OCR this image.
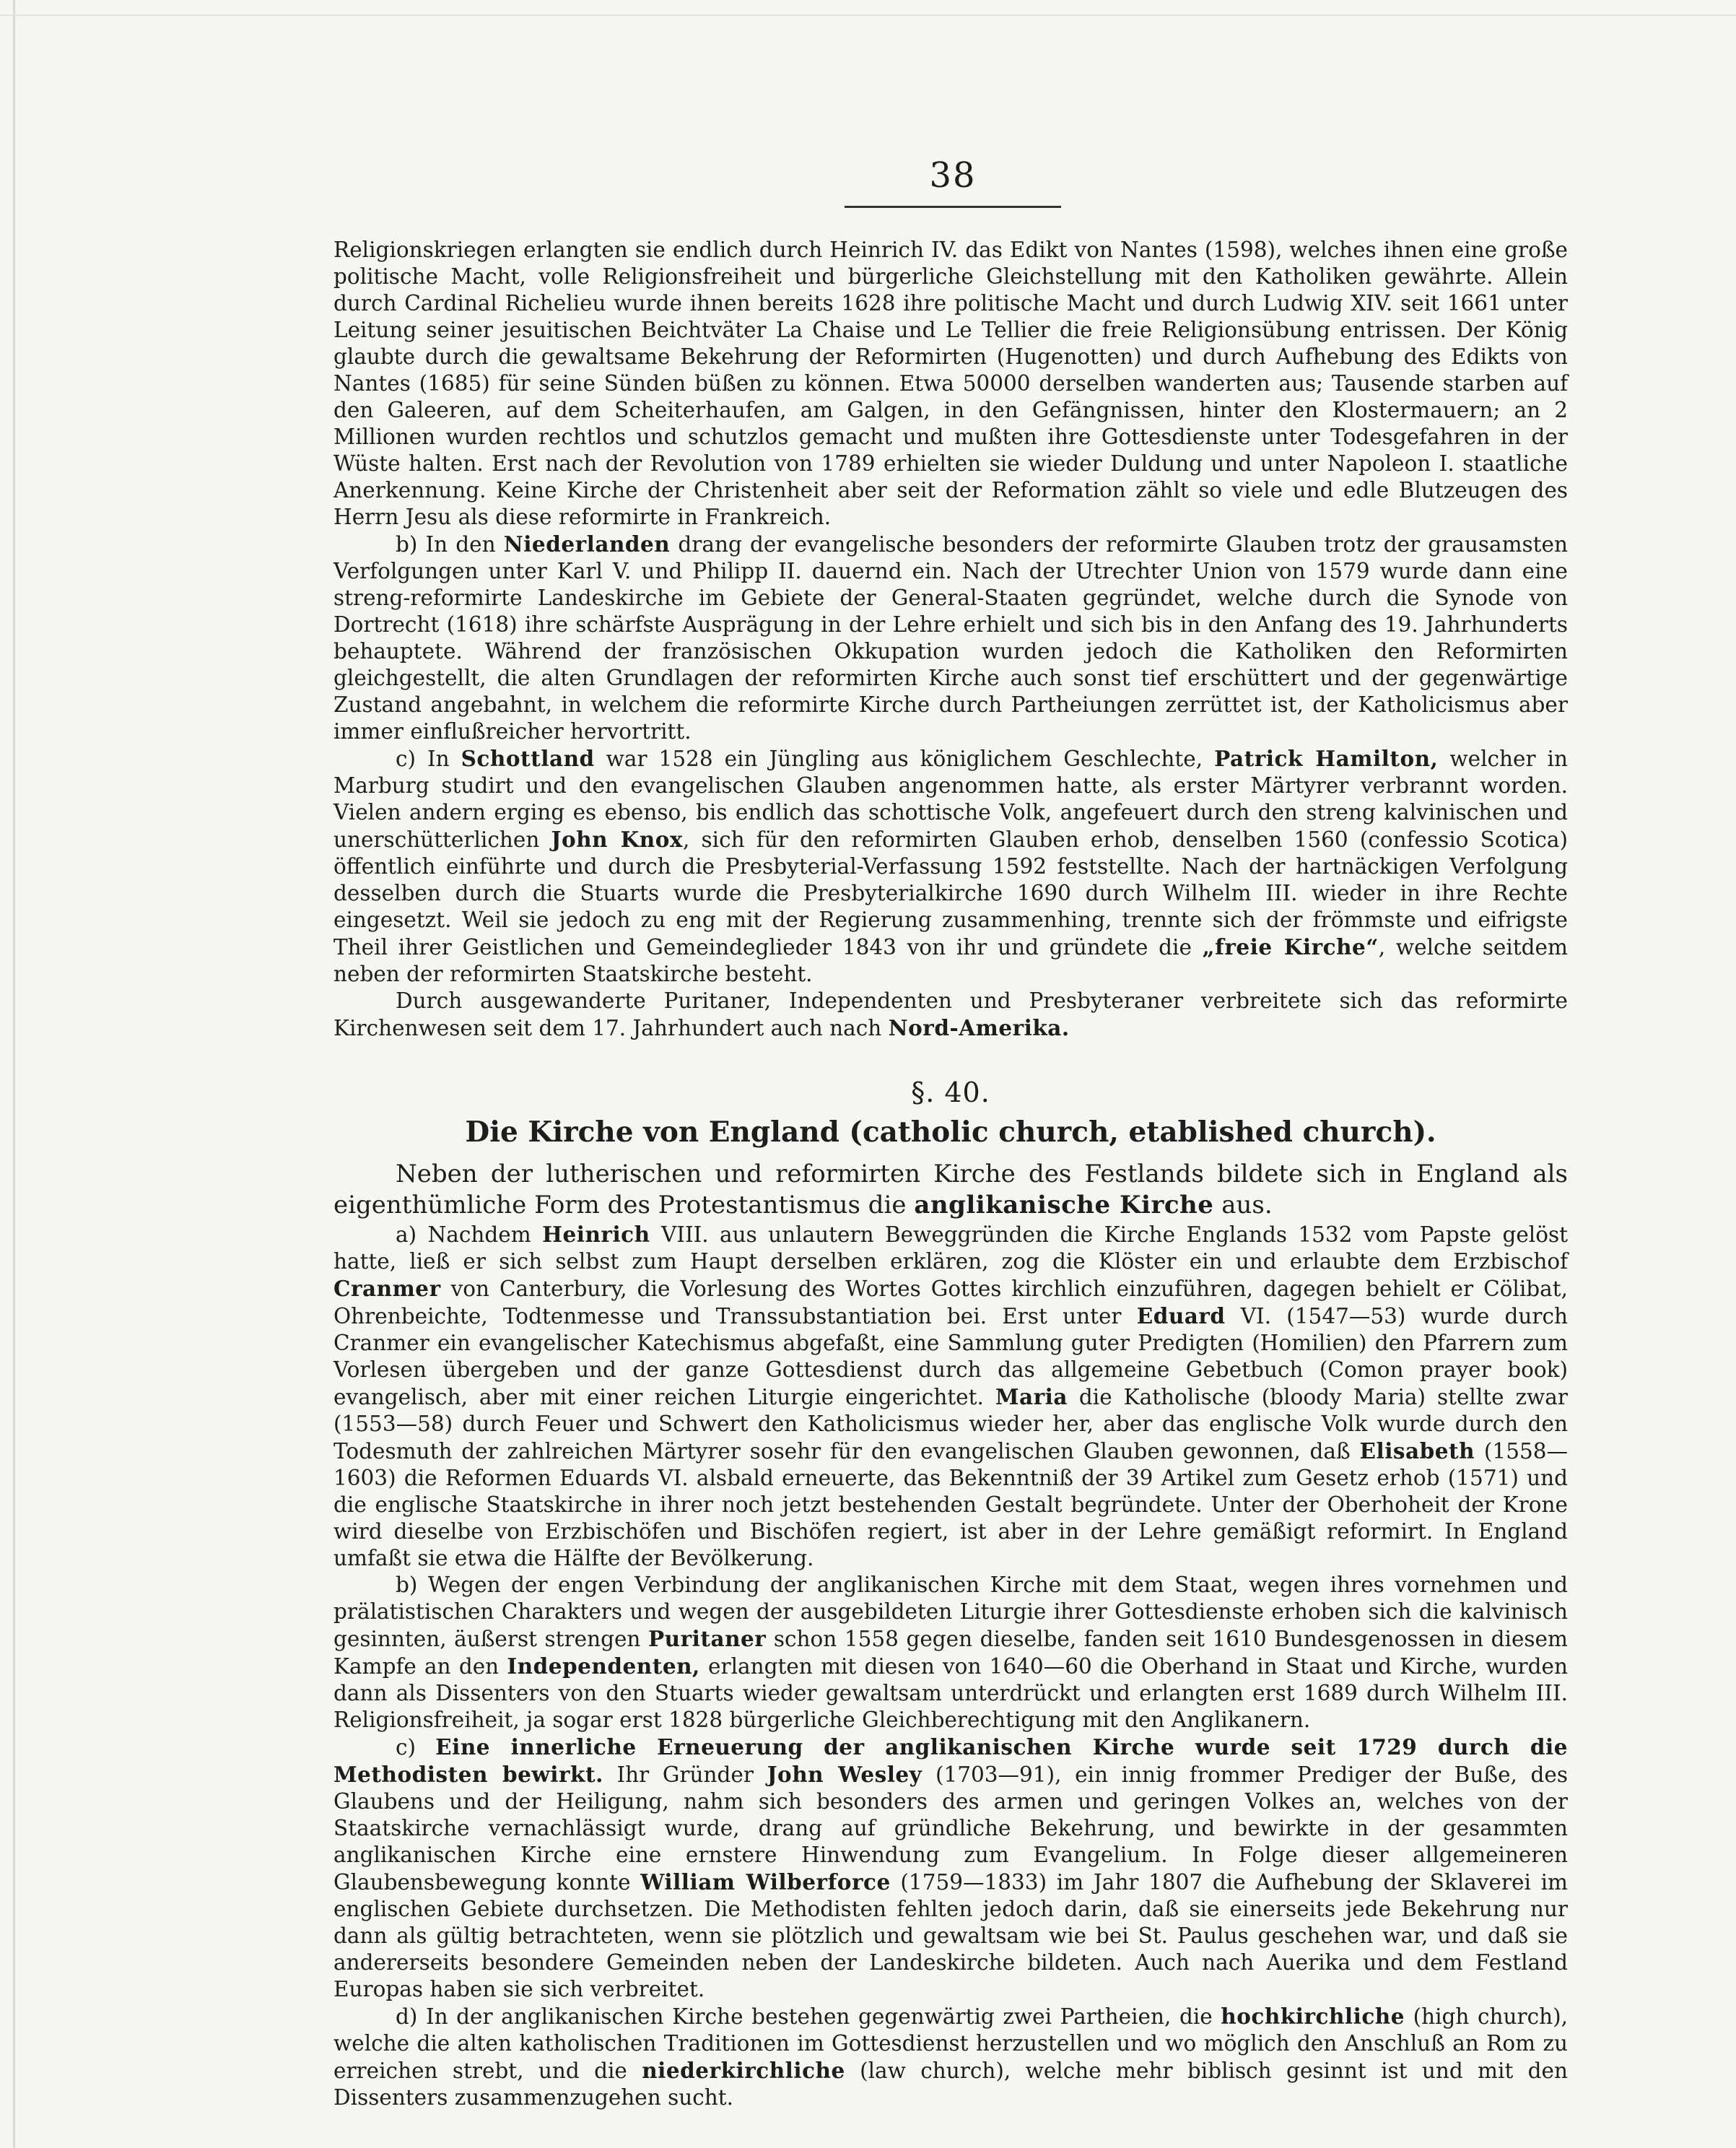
38

Religionskriegen erlangten sie endlich durch Heinrich IV. das Edikt von Nantes (1598), welches ihnen eine große politische Macht, volle Religionsfreiheit und bürgerliche Gleichstellung mit den Katholiken gewährte. Allein durch Cardinal Richelieu wurde ihnen bereits 1628 ihre politische Macht und durch Ludwig XIV. seit 1661 unter Leitung seiner jesuitischen Beichtväter La Chaise und Le Tellier die freie Religionsübung entrissen. Der König glaubte durch die gewaltsame Bekehrung der Reformirten (Hugenotten) und durch Aufhebung des Edikts von Nantes (1685) für seine Sünden büßen zu können. Etwa 50000 derselben wanderten aus; Tausende starben auf den Galeeren, auf dem Scheiterhaufen, am Galgen, in den Gefängnissen, hinter den Klostermauern; an 2 Millionen wurden rechtlos und schutzlos gemacht und mußten ihre Gottesdienste unter Todesgefahren in der Wüste halten. Erst nach der Revolution von 1789 erhielten sie wieder Duldung und unter Napoleon I. staatliche Anerkennung. Keine Kirche der Christenheit aber seit der Reformation zählt so viele und edle Blutzeugen des Herrn Jesu als diese reformirte in Frankreich.

b) In den Niederlanden drang der evangelische besonders der reformirte Glauben trotz der grausamsten Verfolgungen unter Karl V. und Philipp II. dauernd ein. Nach der Utrechter Union von 1579 wurde dann eine streng-reformirte Landeskirche im Gebiete der General-Staaten gegründet, welche durch die Synode von Dortrecht (1618) ihre schärfste Ausprägung in der Lehre erhielt und sich bis in den Anfang des 19. Jahrhunderts behauptete. Während der französischen Okkupation wurden jedoch die Katholiken den Reformirten gleichgestellt, die alten Grundlagen der reformirten Kirche auch sonst tief erschüttert und der gegenwärtige Zustand angebahnt, in welchem die reformirte Kirche durch Partheiungen zerrüttet ist, der Katholicismus aber immer einflußreicher hervortritt.

c) In Schottland war 1528 ein Jüngling aus königlichem Geschlechte, Patrick Hamilton, welcher in Marburg studirt und den evangelischen Glauben angenommen hatte, als erster Märtyrer verbrannt worden. Vielen andern erging es ebenso, bis endlich das schottische Volk, angefeuert durch den streng kalvinischen und unerschütterlichen John Knox, sich für den reformirten Glauben erhob, denselben 1560 (confessio Scotica) öffentlich einführte und durch die Presbyterial-Verfassung 1592 feststellte. Nach der hartnäckigen Verfolgung desselben durch die Stuarts wurde die Presbyterialkirche 1690 durch Wilhelm III. wieder in ihre Rechte eingesetzt. Weil sie jedoch zu eng mit der Regierung zusammenhing, trennte sich der frömmste und eifrigste Theil ihrer Geistlichen und Gemeindeglieder 1843 von ihr und gründete die „freie Kirche“, welche seitdem neben der reformirten Staatskirche besteht.

Durch ausgewanderte Puritaner, Independenten und Presbyteraner verbreitete sich das reformirte Kirchenwesen seit dem 17. Jahrhundert auch nach Nord-Amerika.

§. 40.
Die Kirche von England (catholic church, etablished church).

Neben der lutherischen und reformirten Kirche des Festlands bildete sich in England als eigenthümliche Form des Protestantismus die anglikanische Kirche aus.

a) Nachdem Heinrich VIII. aus unlautern Beweggründen die Kirche Englands 1532 vom Papste gelöst hatte, ließ er sich selbst zum Haupt derselben erklären, zog die Klöster ein und erlaubte dem Erzbischof Cranmer von Canterbury, die Vorlesung des Wortes Gottes kirchlich einzuführen, dagegen behielt er Cölibat, Ohrenbeichte, Todtenmesse und Transsubstantiation bei. Erst unter Eduard VI. (1547—53) wurde durch Cranmer ein evangelischer Katechismus abgefaßt, eine Sammlung guter Predigten (Homilien) den Pfarrern zum Vorlesen übergeben und der ganze Gottesdienst durch das allgemeine Gebetbuch (Comon prayer book) evangelisch, aber mit einer reichen Liturgie eingerichtet. Maria die Katholische (bloody Maria) stellte zwar (1553—58) durch Feuer und Schwert den Katholicismus wieder her, aber das englische Volk wurde durch den Todesmuth der zahlreichen Märtyrer sosehr für den evangelischen Glauben gewonnen, daß Elisabeth (1558—1603) die Reformen Eduards VI. alsbald erneuerte, das Bekenntniß der 39 Artikel zum Gesetz erhob (1571) und die englische Staatskirche in ihrer noch jetzt bestehenden Gestalt begründete. Unter der Oberhoheit der Krone wird dieselbe von Erzbischöfen und Bischöfen regiert, ist aber in der Lehre gemäßigt reformirt. In England umfaßt sie etwa die Hälfte der Bevölkerung.

b) Wegen der engen Verbindung der anglikanischen Kirche mit dem Staat, wegen ihres vornehmen und prälatistischen Charakters und wegen der ausgebildeten Liturgie ihrer Gottesdienste erhoben sich die kalvinisch gesinnten, äußerst strengen Puritaner schon 1558 gegen dieselbe, fanden seit 1610 Bundesgenossen in diesem Kampfe an den Independenten, erlangten mit diesen von 1640—60 die Oberhand in Staat und Kirche, wurden dann als Dissenters von den Stuarts wieder gewaltsam unterdrückt und erlangten erst 1689 durch Wilhelm III. Religionsfreiheit, ja sogar erst 1828 bürgerliche Gleichberechtigung mit den Anglikanern.

c) Eine innerliche Erneuerung der anglikanischen Kirche wurde seit 1729 durch die Methodisten bewirkt. Ihr Gründer John Wesley (1703—91), ein innig frommer Prediger der Buße, des Glaubens und der Heiligung, nahm sich besonders des armen und geringen Volkes an, welches von der Staatskirche vernachlässigt wurde, drang auf gründliche Bekehrung, und bewirkte in der gesammten anglikanischen Kirche eine ernstere Hinwendung zum Evangelium. In Folge dieser allgemeineren Glaubensbewegung konnte William Wilberforce (1759—1833) im Jahr 1807 die Aufhebung der Sklaverei im englischen Gebiete durchsetzen. Die Methodisten fehlten jedoch darin, daß sie einerseits jede Bekehrung nur dann als gültig betrachteten, wenn sie plötzlich und gewaltsam wie bei St. Paulus geschehen war, und daß sie andererseits besondere Gemeinden neben der Landeskirche bildeten. Auch nach Auerika und dem Festland Europas haben sie sich verbreitet.

d) In der anglikanischen Kirche bestehen gegenwärtig zwei Partheien, die hochkirchliche (high church), welche die alten katholischen Traditionen im Gottesdienst herzustellen und wo möglich den Anschluß an Rom zu erreichen strebt, und die niederkirchliche (law church), welche mehr biblisch gesinnt ist und mit den Dissenters zusammenzugehen sucht.
